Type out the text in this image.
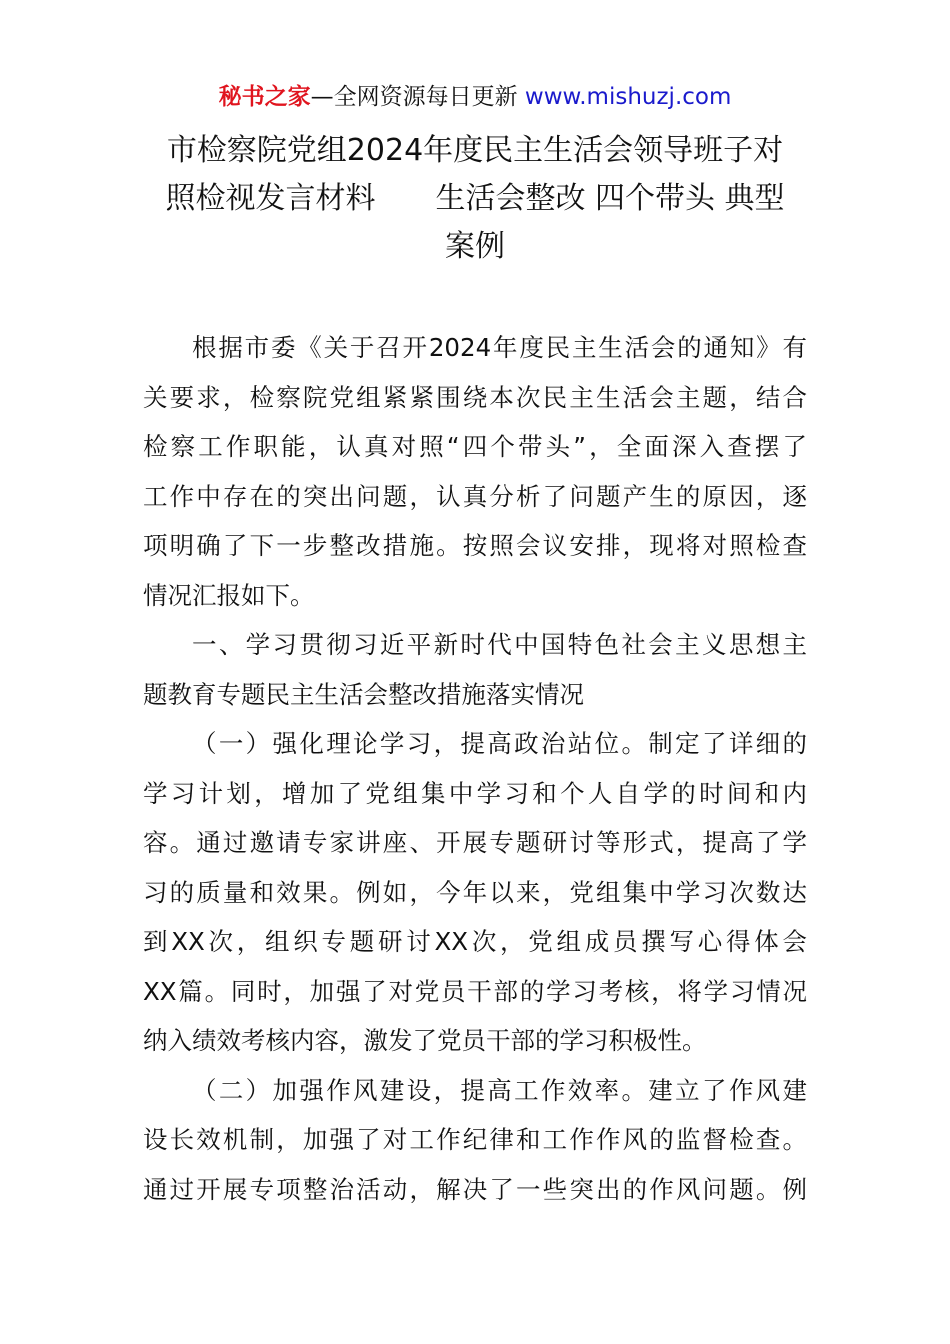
秘书之家—全网资源每日更新 www.mishuzj.com
市检察院党组2024年度民主生活会领导班子对
照检视发言材料　　生活会整改 四个带头 典型
案例
根据市委《关于召开2024年度民主生活会的通知》有
关要求，检察院党组紧紧围绕本次民主生活会主题，结合
检察工作职能，认真对照“四个带头”，全面深入查摆了
工作中存在的突出问题，认真分析了问题产生的原因，逐
项明确了下一步整改措施。按照会议安排，现将对照检查
情况汇报如下。
一、学习贯彻习近平新时代中国特色社会主义思想主
题教育专题民主生活会整改措施落实情况
（一）强化理论学习，提高政治站位。制定了详细的
学习计划，增加了党组集中学习和个人自学的时间和内
容。通过邀请专家讲座、开展专题研讨等形式，提高了学
习的质量和效果。例如，今年以来，党组集中学习次数达
到XX次，组织专题研讨XX次，党组成员撰写心得体会
XX篇。同时，加强了对党员干部的学习考核，将学习情况
纳入绩效考核内容，激发了党员干部的学习积极性。
（二）加强作风建设，提高工作效率。建立了作风建
设长效机制，加强了对工作纪律和工作作风的监督检查。
通过开展专项整治活动，解决了一些突出的作风问题。例
